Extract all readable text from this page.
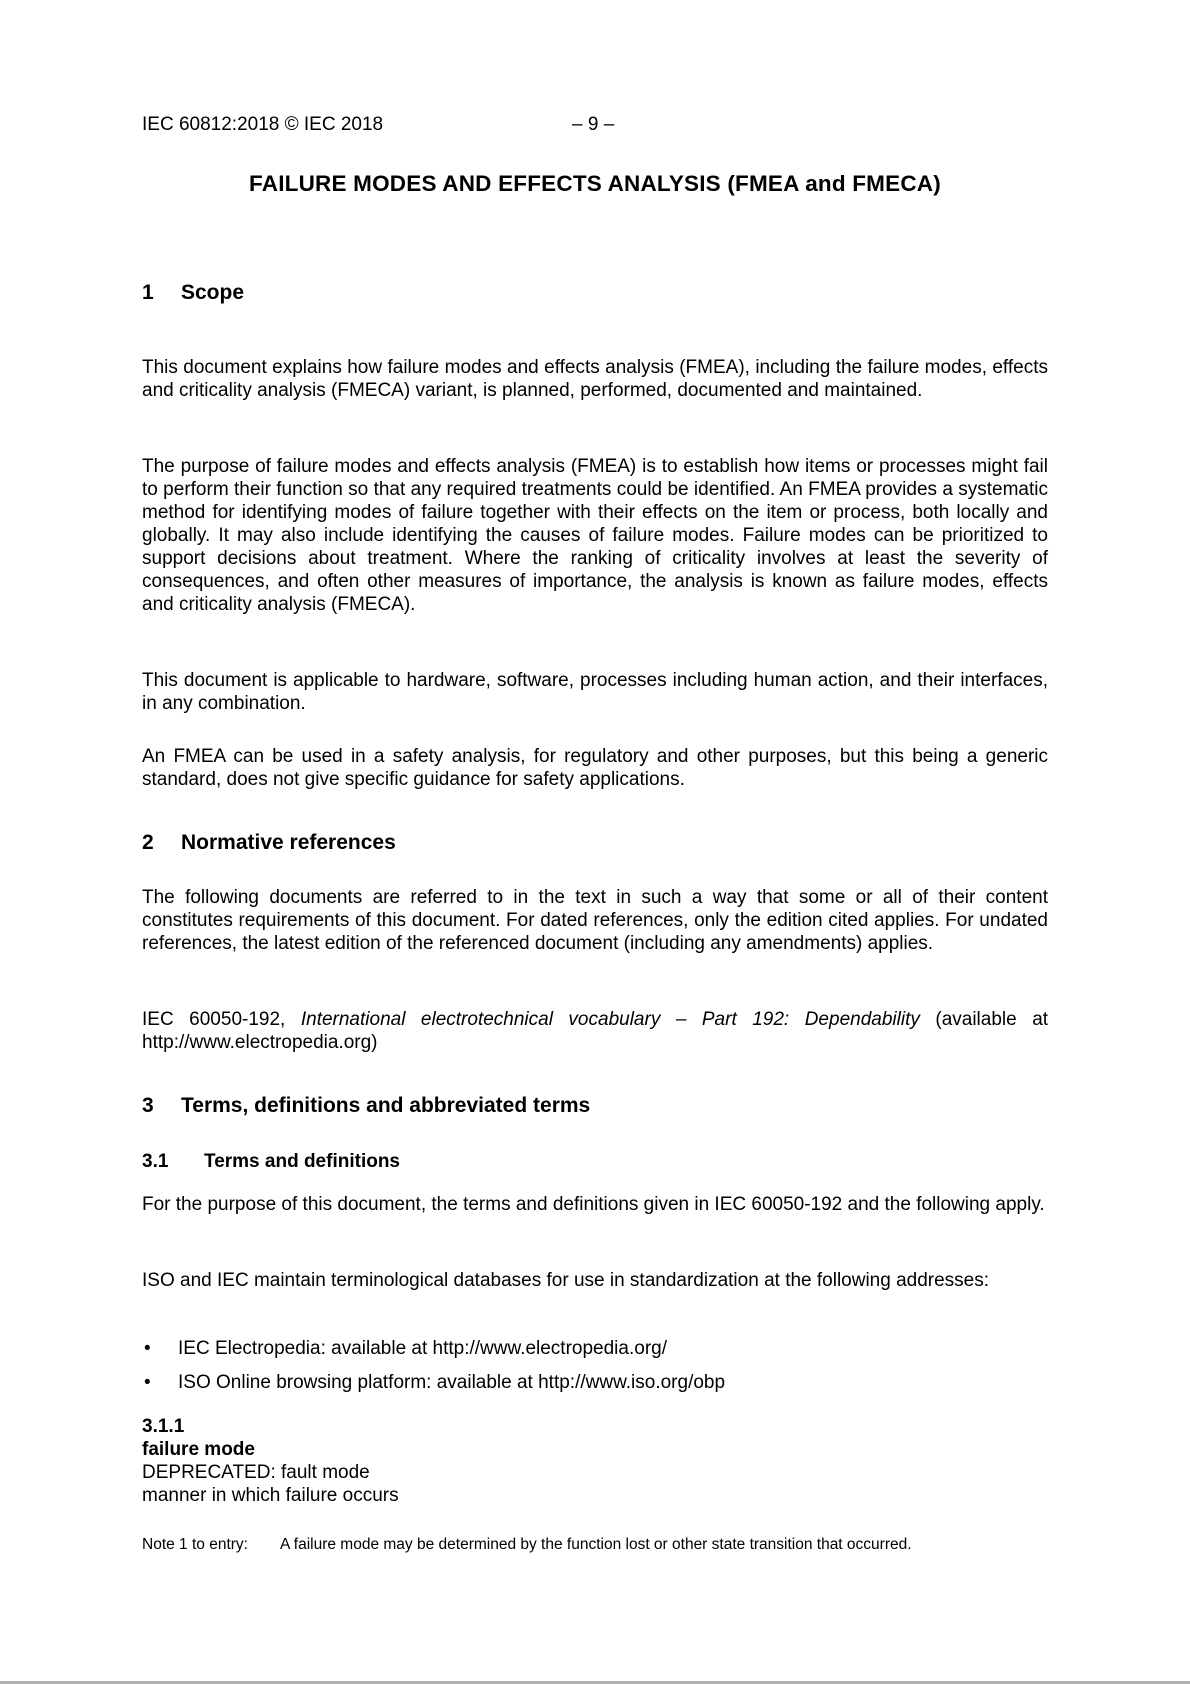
IEC 60812:2018 © IEC 2018	– 9 –
FAILURE MODES AND EFFECTS ANALYSIS (FMEA and FMECA)
1 Scope

This document explains how failure modes and effects analysis (FMEA), including the failure modes, effects and criticality analysis (FMECA) variant, is planned, performed, documented and maintained.

The purpose of failure modes and effects analysis (FMEA) is to establish how items or processes might fail to perform their function so that any required treatments could be identified. An FMEA provides a systematic method for identifying modes of failure together with their effects on the item or process, both locally and globally. It may also include identifying the causes of failure modes. Failure modes can be prioritized to support decisions about treatment. Where the ranking of criticality involves at least the severity of consequences, and often other measures of importance, the analysis is known as failure modes, effects and criticality analysis (FMECA).

This document is applicable to hardware, software, processes including human action, and their interfaces, in any combination.

An FMEA can be used in a safety analysis, for regulatory and other purposes, but this being a generic standard, does not give specific guidance for safety applications.

2 Normative references

The following documents are referred to in the text in such a way that some or all of their content constitutes requirements of this document. For dated references, only the edition cited applies. For undated references, the latest edition of the referenced document (including any amendments) applies.

IEC 60050-192, International electrotechnical vocabulary – Part 192: Dependability (available at http://www.electropedia.org)

3 Terms, definitions and abbreviated terms
3.1 Terms and definitions

For the purpose of this document, the terms and definitions given in IEC 60050-192 and the following apply.

ISO and IEC maintain terminological databases for use in standardization at the following addresses:

• IEC Electropedia: available at http://www.electropedia.org/
• ISO Online browsing platform: available at http://www.iso.org/obp
3.1.1
failure mode
DEPRECATED: fault mode
manner in which failure occurs
Note 1 to entry: A failure mode may be determined by the function lost or other state transition that occurred.
